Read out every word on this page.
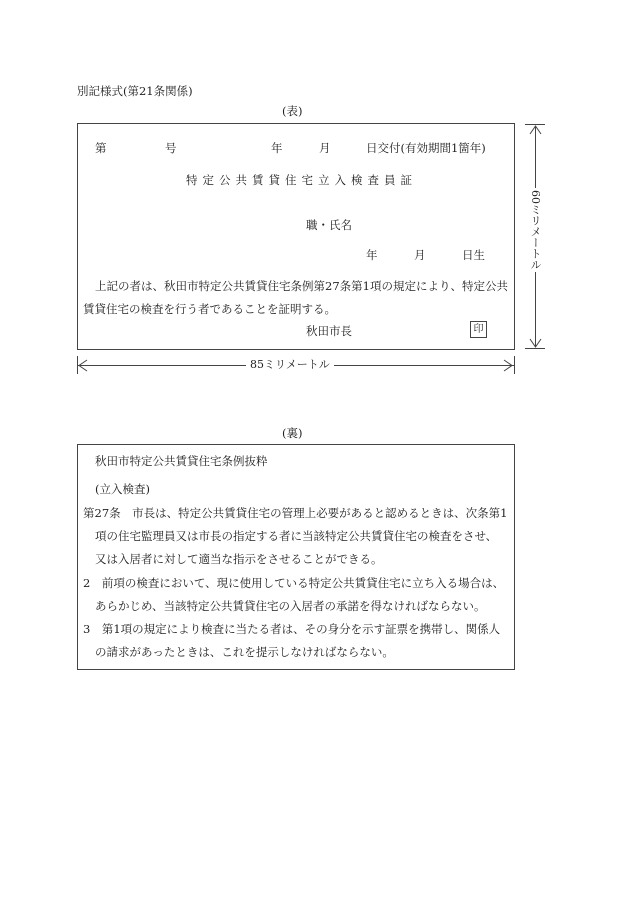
別記様式(第21条関係)
(表)
第	号	年	月	日交付(有効期間1箇年)
特定公共賃貸住宅立入検査員証
職・氏名
年	月	日生
上記の者は、秋田市特定公共賃貸住宅条例第27条第1項の規定により、特定公共
賃貸住宅の検査を行う者であることを証明する。
秋田市長	印
60ミリメートル
85ミリメートル
(裏)
秋田市特定公共賃貸住宅条例抜粋
(立入検査)
第27条　市長は、特定公共賃貸住宅の管理上必要があると認めるときは、次条第1
項の住宅監理員又は市長の指定する者に当該特定公共賃貸住宅の検査をさせ、
又は入居者に対して適当な指示をさせることができる。
2　前項の検査において、現に使用している特定公共賃貸住宅に立ち入る場合は、
あらかじめ、当該特定公共賃貸住宅の入居者の承諾を得なければならない。
3　第1項の規定により検査に当たる者は、その身分を示す証票を携帯し、関係人
の請求があったときは、これを提示しなければならない。
